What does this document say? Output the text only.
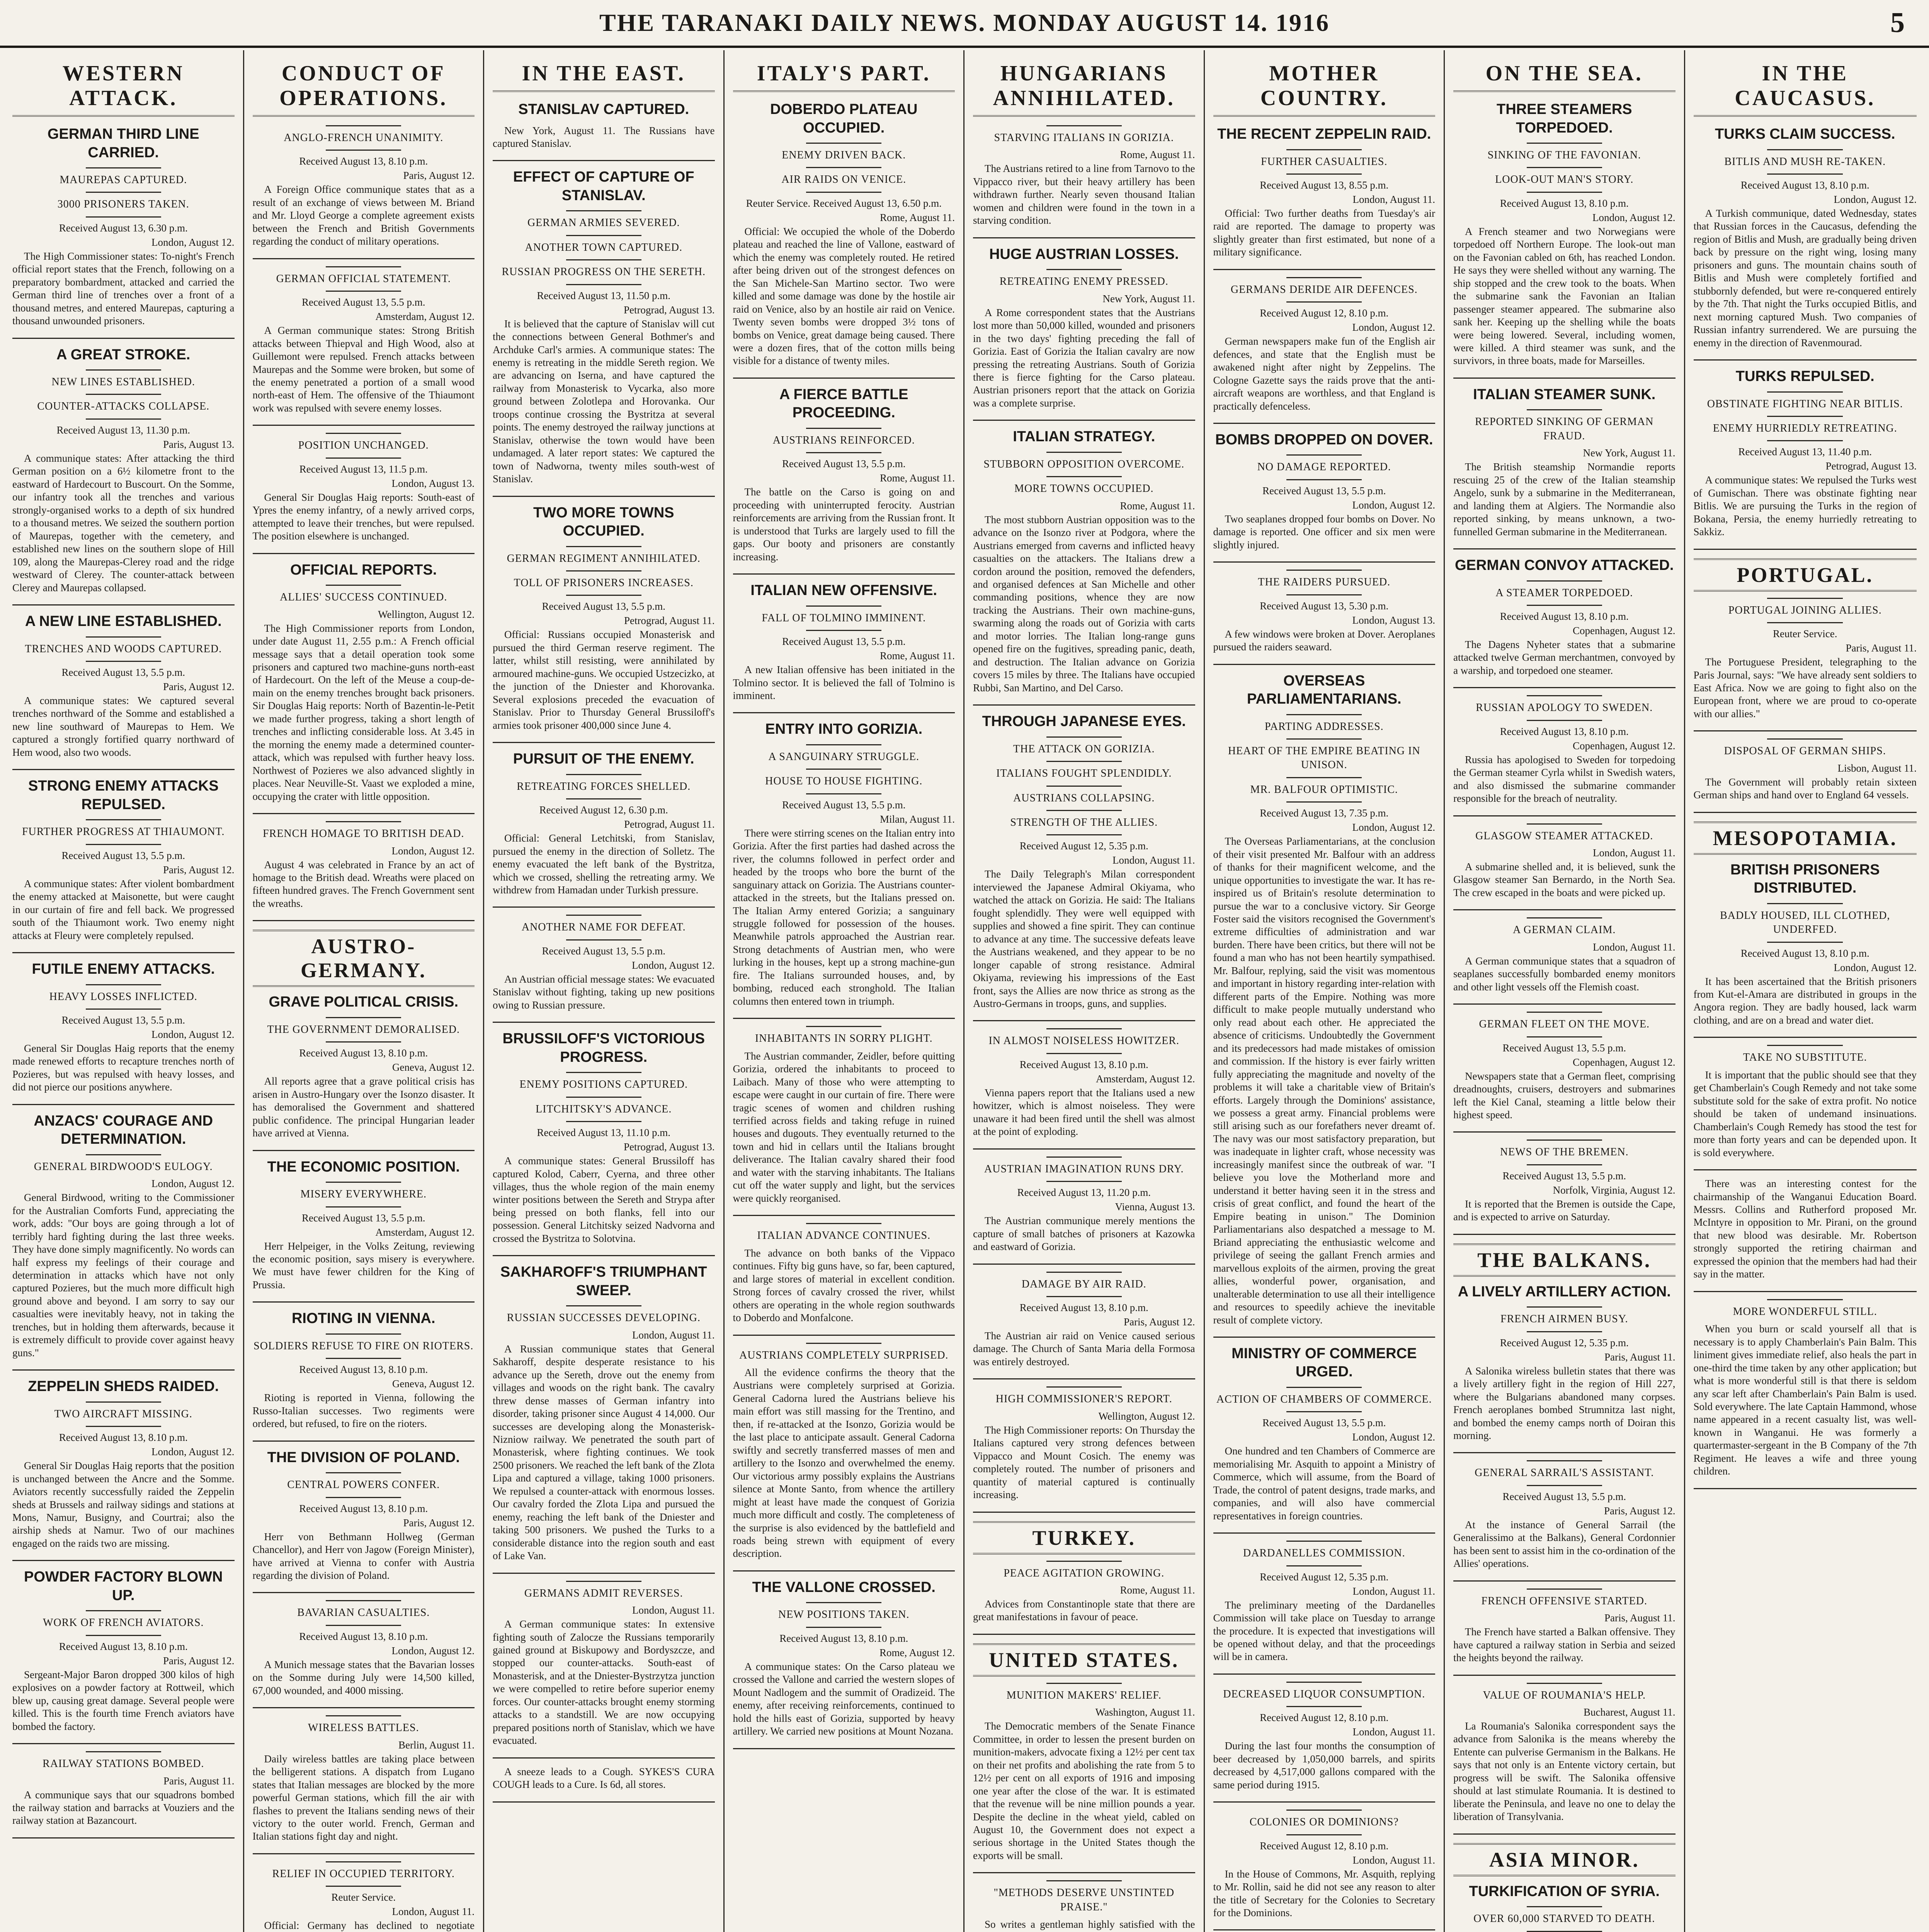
THE TARANAKI DAILY NEWS. MONDAY AUGUST 14. 1916	5
WESTERN ATTACK.
GERMAN THIRD LINE CARRIED.
MAUREPAS CAPTURED.
3000 PRISONERS TAKEN.
Received August 13, 6.30 p.m.
London, August 12.
The High Commissioner states: To-night's French official report states that the French, following on a preparatory bombardment, attacked and carried the German third line of trenches over a front of a thousand metres, and entered Maurepas, capturing a thousand unwounded prisoners.
A GREAT STROKE.
NEW LINES ESTABLISHED.
COUNTER-ATTACKS COLLAPSE.
Received August 13, 11.30 p.m.
Paris, August 13.
A communique states: After attacking the third German position on a 6½ kilometre front to the eastward of Hardecourt to Buscourt. On the Somme, our infantry took all the trenches and various strongly-organised works to a depth of six hundred to a thousand metres. We seized the southern portion of Maurepas, together with the cemetery, and established new lines on the southern slope of Hill 109, along the Maurepas-Clerey road and the ridge westward of Clerey. The counter-attack between Clerey and Maurepas collapsed.
A NEW LINE ESTABLISHED.
TRENCHES AND WOODS CAPTURED.
Received August 13, 5.5 p.m.
Paris, August 12.
A communique states: We captured several trenches northward of the Somme and established a new line southward of Maurepas to Hem. We captured a strongly fortified quarry northward of Hem wood, also two woods.
STRONG ENEMY ATTACKS REPULSED.
FURTHER PROGRESS AT THIAUMONT.
Received August 13, 5.5 p.m.
Paris, August 12.
A communique states: After violent bombardment the enemy attacked at Maisonette, but were caught in our curtain of fire and fell back. We progressed south of the Thiaumont work. Two enemy night attacks at Fleury were completely repulsed.
FUTILE ENEMY ATTACKS.
HEAVY LOSSES INFLICTED.
Received August 13, 5.5 p.m.
London, August 12.
General Sir Douglas Haig reports that the enemy made renewed efforts to recapture trenches north of Pozieres, but was repulsed with heavy losses, and did not pierce our positions anywhere.
ANZACS' COURAGE AND DETERMINATION.
GENERAL BIRDWOOD'S EULOGY.
London, August 12.
General Birdwood, writing to the Commissioner for the Australian Comforts Fund, appreciating the work, adds: "Our boys are going through a lot of terribly hard fighting during the last three weeks. They have done simply magnificently. No words can half express my feelings of their courage and determination in attacks which have not only captured Pozieres, but the much more difficult high ground above and beyond. I am sorry to say our casualties were inevitably heavy, not in taking the trenches, but in holding them afterwards, because it is extremely difficult to provide cover against heavy guns."
ZEPPELIN SHEDS RAIDED.
TWO AIRCRAFT MISSING.
Received August 13, 8.10 p.m.
London, August 12.
General Sir Douglas Haig reports that the position is unchanged between the Ancre and the Somme. Aviators recently successfully raided the Zeppelin sheds at Brussels and railway sidings and stations at Mons, Namur, Busigny, and Courtrai; also the airship sheds at Namur. Two of our machines engaged on the raids two are missing.
POWDER FACTORY BLOWN UP.
WORK OF FRENCH AVIATORS.
Received August 13, 8.10 p.m.
Paris, August 12.
Sergeant-Major Baron dropped 300 kilos of high explosives on a powder factory at Rottweil, which blew up, causing great damage. Several people were killed. This is the fourth time French aviators have bombed the factory.
RAILWAY STATIONS BOMBED.
Paris, August 11.
A communique says that our squadrons bombed the railway station and barracks at Vouziers and the railway station at Bazancourt.
CONDUCT OF OPERATIONS.
ANGLO-FRENCH UNANIMITY.
Received August 13, 8.10 p.m.
Paris, August 12.
A Foreign Office communique states that as a result of an exchange of views between M. Briand and Mr. Lloyd George a complete agreement exists between the French and British Governments regarding the conduct of military operations.
GERMAN OFFICIAL STATEMENT.
Received August 13, 5.5 p.m.
Amsterdam, August 12.
A German communique states: Strong British attacks between Thiepval and High Wood, also at Guillemont were repulsed. French attacks between Maurepas and the Somme were broken, but some of the enemy penetrated a portion of a small wood north-east of Hem. The offensive of the Thiaumont work was repulsed with severe enemy losses.
POSITION UNCHANGED.
Received August 13, 11.5 p.m.
London, August 13.
General Sir Douglas Haig reports: South-east of Ypres the enemy infantry, of a newly arrived corps, attempted to leave their trenches, but were repulsed. The position elsewhere is unchanged.
OFFICIAL REPORTS.
ALLIES' SUCCESS CONTINUED.
Wellington, August 12.
The High Commissioner reports from London, under date August 11, 2.55 p.m.: A French official message says that a detail operation took some prisoners and captured two machine-guns north-east of Hardecourt. On the left of the Meuse a coup-de-main on the enemy trenches brought back prisoners. Sir Douglas Haig reports: North of Bazentin-le-Petit we made further progress, taking a short length of trenches and inflicting considerable loss. At 3.45 in the morning the enemy made a determined counter-attack, which was repulsed with further heavy loss. Northwest of Pozieres we also advanced slightly in places. Near Neuville-St. Vaast we exploded a mine, occupying the crater with little opposition.
FRENCH HOMAGE TO BRITISH DEAD.
London, August 12.
August 4 was celebrated in France by an act of homage to the British dead. Wreaths were placed on fifteen hundred graves. The French Government sent the wreaths.
AUSTRO-GERMANY.
GRAVE POLITICAL CRISIS.
THE GOVERNMENT DEMORALISED.
Received August 13, 8.10 p.m.
Geneva, August 12.
All reports agree that a grave political crisis has arisen in Austro-Hungary over the Isonzo disaster. It has demoralised the Government and shattered public confidence. The principal Hungarian leader have arrived at Vienna.
THE ECONOMIC POSITION.
MISERY EVERYWHERE.
Received August 13, 5.5 p.m.
Amsterdam, August 12.
Herr Helpeiger, in the Volks Zeitung, reviewing the economic position, says misery is everywhere. We must have fewer children for the King of Prussia.
RIOTING IN VIENNA.
SOLDIERS REFUSE TO FIRE ON RIOTERS.
Received August 13, 8.10 p.m.
Geneva, August 12.
Rioting is reported in Vienna, following the Russo-Italian successes. Two regiments were ordered, but refused, to fire on the rioters.
THE DIVISION OF POLAND.
CENTRAL POWERS CONFER.
Received August 13, 8.10 p.m.
Paris, August 12.
Herr von Bethmann Hollweg (German Chancellor), and Herr von Jagow (Foreign Minister), have arrived at Vienna to confer with Austria regarding the division of Poland.
BAVARIAN CASUALTIES.
Received August 13, 8.10 p.m.
London, August 12.
A Munich message states that the Bavarian losses on the Somme during July were 14,500 killed, 67,000 wounded, and 4000 missing.
WIRELESS BATTLES.
Berlin, August 11.
Daily wireless battles are taking place between the belligerent stations. A dispatch from Lugano states that Italian messages are blocked by the more powerful German stations, which fill the air with flashes to prevent the Italians sending news of their victory to the outer world. French, German and Italian stations fight day and night.
RELIEF IN OCCUPIED TERRITORY.
Reuter Service.
London, August 11.
Official: Germany has declined to negotiate
IN THE EAST.
STANISLAV CAPTURED.
New York, August 11. The Russians have captured Stanislav.
EFFECT OF CAPTURE OF STANISLAV.
GERMAN ARMIES SEVERED.
ANOTHER TOWN CAPTURED.
RUSSIAN PROGRESS ON THE SERETH.
Received August 13, 11.50 p.m.
Petrograd, August 13.
It is believed that the capture of Stanislav will cut the connections between General Bothmer's and Archduke Carl's armies. A communique states: The enemy is retreating in the middle Sereth region. We are advancing on Iserna, and have captured the railway from Monasterisk to Vycarka, also more ground between Zolotlepa and Horovanka. Our troops continue crossing the Bystritza at several points. The enemy destroyed the railway junctions at Stanislav, otherwise the town would have been undamaged. A later report states: We captured the town of Nadworna, twenty miles south-west of Stanislav.
TWO MORE TOWNS OCCUPIED.
GERMAN REGIMENT ANNIHILATED.
TOLL OF PRISONERS INCREASES.
Received August 13, 5.5 p.m.
Petrograd, August 11.
Official: Russians occupied Monasterisk and pursued the third German reserve regiment. The latter, whilst still resisting, were annihilated by armoured machine-guns. We occupied Ustzecizko, at the junction of the Dniester and Khorovanka. Several explosions preceded the evacuation of Stanislav. Prior to Thursday General Brussiloff's armies took prisoner 400,000 since June 4.
PURSUIT OF THE ENEMY.
RETREATING FORCES SHELLED.
Received August 12, 6.30 p.m.
Petrograd, August 11.
Official: General Letchitski, from Stanislav, pursued the enemy in the direction of Solletz. The enemy evacuated the left bank of the Bystritza, which we crossed, shelling the retreating army. We withdrew from Hamadan under Turkish pressure.
ANOTHER NAME FOR DEFEAT.
Received August 13, 5.5 p.m.
London, August 12.
An Austrian official message states: We evacuated Stanislav without fighting, taking up new positions owing to Russian pressure.
BRUSSILOFF'S VICTORIOUS PROGRESS.
ENEMY POSITIONS CAPTURED.
LITCHITSKY'S ADVANCE.
Received August 13, 11.10 p.m.
Petrograd, August 13.
A communique states: General Brussiloff has captured Kolod, Caberr, Cyerna, and three other villages, thus the whole region of the main enemy winter positions between the Sereth and Strypa after being pressed on both flanks, fell into our possession. General Litchitsky seized Nadvorna and crossed the Bystritza to Solotvina.
SAKHAROFF'S TRIUMPHANT SWEEP.
RUSSIAN SUCCESSES DEVELOPING.
London, August 11.
A Russian communique states that General Sakharoff, despite desperate resistance to his advance up the Sereth, drove out the enemy from villages and woods on the right bank. The cavalry threw dense masses of German infantry into disorder, taking prisoner since August 4 14,000. Our successes are developing along the Monasterisk-Nizniow railway. We penetrated the south part of Monasterisk, where fighting continues. We took 2500 prisoners. We reached the left bank of the Zlota Lipa and captured a village, taking 1000 prisoners. We repulsed a counter-attack with enormous losses. Our cavalry forded the Zlota Lipa and pursued the enemy, reaching the left bank of the Dniester and taking 500 prisoners. We pushed the Turks to a considerable distance into the region south and east of Lake Van.
GERMANS ADMIT REVERSES.
London, August 11.
A German communique states: In extensive fighting south of Zalocze the Russians temporarily gained ground at Biskupowy and Bordyszcze, and stopped our counter-attacks. South-east of Monasterisk, and at the Dniester-Bystrzytza junction we were compelled to retire before superior enemy forces. Our counter-attacks brought enemy storming attacks to a standstill. We are now occupying prepared positions north of Stanislav, which we have evacuated.
A sneeze leads to a Cough. SYKES'S CURA COUGH leads to a Cure. Is 6d, all stores.
ITALY'S PART.
DOBERDO PLATEAU OCCUPIED.
ENEMY DRIVEN BACK.
AIR RAIDS ON VENICE.
Reuter Service. Received August 13, 6.50 p.m.
Rome, August 11.
Official: We occupied the whole of the Doberdo plateau and reached the line of Vallone, eastward of which the enemy was completely routed. He retired after being driven out of the strongest defences on the San Michele-San Martino sector. Two were killed and some damage was done by the hostile air raid on Venice, also by an hostile air raid on Venice. Twenty seven bombs were dropped 3½ tons of bombs on Venice, great damage being caused. There were a dozen fires, that of the cotton mills being visible for a distance of twenty miles.
A FIERCE BATTLE PROCEEDING.
AUSTRIANS REINFORCED.
Received August 13, 5.5 p.m.
Rome, August 11.
The battle on the Carso is going on and proceeding with uninterrupted ferocity. Austrian reinforcements are arriving from the Russian front. It is understood that Turks are largely used to fill the gaps. Our booty and prisoners are constantly increasing.
ITALIAN NEW OFFENSIVE.
FALL OF TOLMINO IMMINENT.
Received August 13, 5.5 p.m.
Rome, August 11.
A new Italian offensive has been initiated in the Tolmino sector. It is believed the fall of Tolmino is imminent.
ENTRY INTO GORIZIA.
A SANGUINARY STRUGGLE.
HOUSE TO HOUSE FIGHTING.
Received August 13, 5.5 p.m.
Milan, August 11.
There were stirring scenes on the Italian entry into Gorizia. After the first parties had dashed across the river, the columns followed in perfect order and headed by the troops who bore the burnt of the sanguinary attack on Gorizia. The Austrians counter-attacked in the streets, but the Italians pressed on. The Italian Army entered Gorizia; a sanguinary struggle followed for possession of the houses. Meanwhile patrols approached the Austrian rear. Strong detachments of Austrian men, who were lurking in the houses, kept up a strong machine-gun fire. The Italians surrounded houses, and, by bombing, reduced each stronghold. The Italian columns then entered town in triumph.
INHABITANTS IN SORRY PLIGHT.
The Austrian commander, Zeidler, before quitting Gorizia, ordered the inhabitants to proceed to Laibach. Many of those who were attempting to escape were caught in our curtain of fire. There were tragic scenes of women and children rushing terrified across fields and taking refuge in ruined houses and dugouts. They eventually returned to the town and hid in cellars until the Italians brought deliverance. The Italian cavalry shared their food and water with the starving inhabitants. The Italians cut off the water supply and light, but the services were quickly reorganised.
ITALIAN ADVANCE CONTINUES.
The advance on both banks of the Vippaco continues. Fifty big guns have, so far, been captured, and large stores of material in excellent condition. Strong forces of cavalry crossed the river, whilst others are operating in the whole region southwards to Doberdo and Monfalcone.
AUSTRIANS COMPLETELY SURPRISED.
All the evidence confirms the theory that the Austrians were completely surprised at Gorizia. General Cadorna lured the Austrians believe his main effort was still massing for the Trentino, and then, if re-attacked at the Isonzo, Gorizia would be the last place to anticipate assault. General Cadorna swiftly and secretly transferred masses of men and artillery to the Isonzo and overwhelmed the enemy. Our victorious army possibly explains the Austrians silence at Monte Santo, from whence the artillery might at least have made the conquest of Gorizia much more difficult and costly. The completeness of the surprise is also evidenced by the battlefield and roads being strewn with equipment of every description.
THE VALLONE CROSSED.
NEW POSITIONS TAKEN.
Received August 13, 8.10 p.m.
Rome, August 12.
A communique states: On the Carso plateau we crossed the Vallone and carried the western slopes of Mount Nadlogem and the summit of Oradizeid. The enemy, after receiving reinforcements, continued to hold the hills east of Gorizia, supported by heavy artillery. We carried new positions at Mount Nozana.
HUNGARIANS ANNIHILATED.
STARVING ITALIANS IN GORIZIA.
Rome, August 11.
The Austrians retired to a line from Tarnovo to the Vippacco river, but their heavy artillery has been withdrawn further. Nearly seven thousand Italian women and children were found in the town in a starving condition.
HUGE AUSTRIAN LOSSES.
RETREATING ENEMY PRESSED.
New York, August 11.
A Rome correspondent states that the Austrians lost more than 50,000 killed, wounded and prisoners in the two days' fighting preceding the fall of Gorizia. East of Gorizia the Italian cavalry are now pressing the retreating Austrians. South of Gorizia there is fierce fighting for the Carso plateau. Austrian prisoners report that the attack on Gorizia was a complete surprise.
ITALIAN STRATEGY.
STUBBORN OPPOSITION OVERCOME.
MORE TOWNS OCCUPIED.
Rome, August 11.
The most stubborn Austrian opposition was to the advance on the Isonzo river at Podgora, where the Austrians emerged from caverns and inflicted heavy casualties on the attackers. The Italians drew a cordon around the position, removed the defenders, and organised defences at San Michelle and other commanding positions, whence they are now tracking the Austrians. Their own machine-guns, swarming along the roads out of Gorizia with carts and motor lorries. The Italian long-range guns opened fire on the fugitives, spreading panic, death, and destruction. The Italian advance on Gorizia covers 15 miles by three. The Italians have occupied Rubbi, San Martino, and Del Carso.
THROUGH JAPANESE EYES.
THE ATTACK ON GORIZIA.
ITALIANS FOUGHT SPLENDIDLY.
AUSTRIANS COLLAPSING.
STRENGTH OF THE ALLIES.
Received August 12, 5.35 p.m.
London, August 11.
The Daily Telegraph's Milan correspondent interviewed the Japanese Admiral Okiyama, who watched the attack on Gorizia. He said: The Italians fought splendidly. They were well equipped with supplies and showed a fine spirit. They can continue to advance at any time. The successive defeats leave the Austrians weakened, and they appear to be no longer capable of strong resistance. Admiral Okiyama, reviewing his impressions of the East front, says the Allies are now thrice as strong as the Austro-Germans in troops, guns, and supplies.
IN ALMOST NOISELESS HOWITZER.
Received August 13, 8.10 p.m.
Amsterdam, August 12.
Vienna papers report that the Italians used a new howitzer, which is almost noiseless. They were unaware it had been fired until the shell was almost at the point of exploding.
AUSTRIAN IMAGINATION RUNS DRY.
Received August 13, 11.20 p.m.
Vienna, August 13.
The Austrian communique merely mentions the capture of small batches of prisoners at Kazowka and eastward of Gorizia.
DAMAGE BY AIR RAID.
Received August 13, 8.10 p.m.
Paris, August 12.
The Austrian air raid on Venice caused serious damage. The Church of Santa Maria della Formosa was entirely destroyed.
HIGH COMMISSIONER'S REPORT.
Wellington, August 12.
The High Commissioner reports: On Thursday the Italians captured very strong defences between Vippacco and Mount Cosich. The enemy was completely routed. The number of prisoners and quantity of material captured is continually increasing.
TURKEY.
PEACE AGITATION GROWING.
Rome, August 11.
Advices from Constantinople state that there are great manifestations in favour of peace.
UNITED STATES.
MUNITION MAKERS' RELIEF.
Washington, August 11.
The Democratic members of the Senate Finance Committee, in order to lessen the present burden on munition-makers, advocate fixing a 12½ per cent tax on their net profits and abolishing the rate from 5 to 12½ per cent on all exports of 1916 and imposing one year after the close of the war. It is estimated that the revenue will be nine million pounds a year. Despite the decline in the wheat yield, cabled on August 10, the Government does not expect a serious shortage in the United States though the exports will be small.
"METHODS DESERVE UNSTINTED PRAISE."
So writes a gentleman highly satisfied with the
MOTHER COUNTRY.
THE RECENT ZEPPELIN RAID.
FURTHER CASUALTIES.
Received August 13, 8.55 p.m.
London, August 11.
Official: Two further deaths from Tuesday's air raid are reported. The damage to property was slightly greater than first estimated, but none of a military significance.
GERMANS DERIDE AIR DEFENCES.
Received August 12, 8.10 p.m.
London, August 12.
German newspapers make fun of the English air defences, and state that the English must be awakened night after night by Zeppelins. The Cologne Gazette says the raids prove that the anti-aircraft weapons are worthless, and that England is practically defenceless.
BOMBS DROPPED ON DOVER.
NO DAMAGE REPORTED.
Received August 13, 5.5 p.m.
London, August 12.
Two seaplanes dropped four bombs on Dover. No damage is reported. One officer and six men were slightly injured.
THE RAIDERS PURSUED.
Received August 13, 5.30 p.m.
London, August 13.
A few windows were broken at Dover. Aeroplanes pursued the raiders seaward.
OVERSEAS PARLIAMENTARIANS.
PARTING ADDRESSES.
HEART OF THE EMPIRE BEATING IN UNISON.
MR. BALFOUR OPTIMISTIC.
Received August 13, 7.35 p.m.
London, August 12.
The Overseas Parliamentarians, at the conclusion of their visit presented Mr. Balfour with an address of thanks for their magnificent welcome, and the unique opportunities to investigate the war. It has re-inspired us of Britain's resolute determination to pursue the war to a conclusive victory. Sir George Foster said the visitors recognised the Government's extreme difficulties of administration and war burden. There have been critics, but there will not be found a man who has not been heartily sympathised. Mr. Balfour, replying, said the visit was momentous and important in history regarding inter-relation with different parts of the Empire. Nothing was more difficult to make people mutually understand who only read about each other. He appreciated the absence of criticisms. Undoubtedly the Government and its predecessors had made mistakes of omission and commission. If the history is ever fairly written fully appreciating the magnitude and novelty of the problems it will take a charitable view of Britain's efforts. Largely through the Dominions' assistance, we possess a great army. Financial problems were still arising such as our forefathers never dreamt of. The navy was our most satisfactory preparation, but was inadequate in lighter craft, whose necessity was increasingly manifest since the outbreak of war. "I believe you love the Motherland more and understand it better having seen it in the stress and crisis of great conflict, and found the heart of the Empire beating in unison." The Dominion Parliamentarians also despatched a message to M. Briand appreciating the enthusiastic welcome and privilege of seeing the gallant French armies and marvellous exploits of the airmen, proving the great allies, wonderful power, organisation, and unalterable determination to use all their intelligence and resources to speedily achieve the inevitable result of complete victory.
MINISTRY OF COMMERCE URGED.
ACTION OF CHAMBERS OF COMMERCE.
Received August 13, 5.5 p.m.
London, August 12.
One hundred and ten Chambers of Commerce are memorialising Mr. Asquith to appoint a Ministry of Commerce, which will assume, from the Board of Trade, the control of patent designs, trade marks, and companies, and will also have commercial representatives in foreign countries.
DARDANELLES COMMISSION.
Received August 12, 5.35 p.m.
London, August 11.
The preliminary meeting of the Dardanelles Commission will take place on Tuesday to arrange the procedure. It is expected that investigations will be opened without delay, and that the proceedings will be in camera.
DECREASED LIQUOR CONSUMPTION.
Received August 12, 8.10 p.m.
London, August 11.
During the last four months the consumption of beer decreased by 1,050,000 barrels, and spirits decreased by 4,517,000 gallons compared with the same period during 1915.
COLONIES OR DOMINIONS?
Received August 12, 8.10 p.m.
London, August 11.
In the House of Commons, Mr. Asquith, replying to Mr. Rollin, said he did not see any reason to alter the title of Secretary for the Colonies to Secretary for the Dominions.
ON THE SEA.
THREE STEAMERS TORPEDOED.
SINKING OF THE FAVONIAN.
LOOK-OUT MAN'S STORY.
Received August 13, 8.10 p.m.
London, August 12.
A French steamer and two Norwegians were torpedoed off Northern Europe. The look-out man on the Favonian cabled on 6th, has reached London. He says they were shelled without any warning. The ship stopped and the crew took to the boats. When the submarine sank the Favonian an Italian passenger steamer appeared. The submarine also sank her. Keeping up the shelling while the boats were being lowered. Several, including women, were killed. A third steamer was sunk, and the survivors, in three boats, made for Marseilles.
ITALIAN STEAMER SUNK.
REPORTED SINKING OF GERMAN FRAUD.
New York, August 11.
The British steamship Normandie reports rescuing 25 of the crew of the Italian steamship Angelo, sunk by a submarine in the Mediterranean, and landing them at Algiers. The Normandie also reported sinking, by means unknown, a two-funnelled German submarine in the Mediterranean.
GERMAN CONVOY ATTACKED.
A STEAMER TORPEDOED.
Received August 13, 8.10 p.m.
Copenhagen, August 12.
The Dagens Nyheter states that a submarine attacked twelve German merchantmen, convoyed by a warship, and torpedoed one steamer.
RUSSIAN APOLOGY TO SWEDEN.
Received August 13, 8.10 p.m.
Copenhagen, August 12.
Russia has apologised to Sweden for torpedoing the German steamer Cyrla whilst in Swedish waters, and also dismissed the submarine commander responsible for the breach of neutrality.
GLASGOW STEAMER ATTACKED.
London, August 11.
A submarine shelled and, it is believed, sunk the Glasgow steamer San Bernardo, in the North Sea. The crew escaped in the boats and were picked up.
A GERMAN CLAIM.
London, August 11.
A German communique states that a squadron of seaplanes successfully bombarded enemy monitors and other light vessels off the Flemish coast.
GERMAN FLEET ON THE MOVE.
Received August 13, 5.5 p.m.
Copenhagen, August 12.
Newspapers state that a German fleet, comprising dreadnoughts, cruisers, destroyers and submarines left the Kiel Canal, steaming a little below their highest speed.
NEWS OF THE BREMEN.
Received August 13, 5.5 p.m.
Norfolk, Virginia, August 12.
It is reported that the Bremen is outside the Cape, and is expected to arrive on Saturday.
THE BALKANS.
A LIVELY ARTILLERY ACTION.
FRENCH AIRMEN BUSY.
Received August 12, 5.35 p.m.
Paris, August 11.
A Salonika wireless bulletin states that there was a lively artillery fight in the region of Hill 227, where the Bulgarians abandoned many corpses. French aeroplanes bombed Strumnitza last night, and bombed the enemy camps north of Doiran this morning.
GENERAL SARRAIL'S ASSISTANT.
Received August 13, 5.5 p.m.
Paris, August 12.
At the instance of General Sarrail (the Generalissimo at the Balkans), General Cordonnier has been sent to assist him in the co-ordination of the Allies' operations.
FRENCH OFFENSIVE STARTED.
Paris, August 11.
The French have started a Balkan offensive. They have captured a railway station in Serbia and seized the heights beyond the railway.
VALUE OF ROUMANIA'S HELP.
Bucharest, August 11.
La Roumania's Salonika correspondent says the advance from Salonika is the means whereby the Entente can pulverise Germanism in the Balkans. He says that not only is an Entente victory certain, but progress will be swift. The Salonika offensive should at last stimulate Roumania. It is destined to liberate the Peninsula, and leave no one to delay the liberation of Transylvania.
ASIA MINOR.
TURKIFICATION OF SYRIA.
OVER 60,000 STARVED TO DEATH.
IN THE CAUCASUS.
TURKS CLAIM SUCCESS.
BITLIS AND MUSH RE-TAKEN.
Received August 13, 8.10 p.m.
London, August 12.
A Turkish communique, dated Wednesday, states that Russian forces in the Caucasus, defending the region of Bitlis and Mush, are gradually being driven back by pressure on the right wing, losing many prisoners and guns. The mountain chains south of Bitlis and Mush were completely fortified and stubbornly defended, but were re-conquered entirely by the 7th. That night the Turks occupied Bitlis, and next morning captured Mush. Two companies of Russian infantry surrendered. We are pursuing the enemy in the direction of Ravenmourad.
TURKS REPULSED.
OBSTINATE FIGHTING NEAR BITLIS.
ENEMY HURRIEDLY RETREATING.
Received August 13, 11.40 p.m.
Petrograd, August 13.
A communique states: We repulsed the Turks west of Gumischan. There was obstinate fighting near Bitlis. We are pursuing the Turks in the region of Bokana, Persia, the enemy hurriedly retreating to Sakkiz.
PORTUGAL.
PORTUGAL JOINING ALLIES.
Reuter Service.
Paris, August 11.
The Portuguese President, telegraphing to the Paris Journal, says: "We have already sent soldiers to East Africa. Now we are going to fight also on the European front, where we are proud to co-operate with our allies."
DISPOSAL OF GERMAN SHIPS.
Lisbon, August 11.
The Government will probably retain sixteen German ships and hand over to England 64 vessels.
MESOPOTAMIA.
BRITISH PRISONERS DISTRIBUTED.
BADLY HOUSED, ILL CLOTHED, UNDERFED.
Received August 13, 8.10 p.m.
London, August 12.
It has been ascertained that the British prisoners from Kut-el-Amara are distributed in groups in the Angora region. They are badly housed, lack warm clothing, and are on a bread and water diet.
TAKE NO SUBSTITUTE.
It is important that the public should see that they get Chamberlain's Cough Remedy and not take some substitute sold for the sake of extra profit. No notice should be taken of undemand insinuations. Chamberlain's Cough Remedy has stood the test for more than forty years and can be depended upon. It is sold everywhere.
There was an interesting contest for the chairmanship of the Wanganui Education Board. Messrs. Collins and Rutherford proposed Mr. McIntyre in opposition to Mr. Pirani, on the ground that new blood was desirable. Mr. Robertson strongly supported the retiring chairman and expressed the opinion that the members had had their say in the matter.
MORE WONDERFUL STILL.
When you burn or scald yourself all that is necessary is to apply Chamberlain's Pain Balm. This liniment gives immediate relief, also heals the part in one-third the time taken by any other application; but what is more wonderful still is that there is seldom any scar left after Chamberlain's Pain Balm is used. Sold everywhere. The late Captain Hammond, whose name appeared in a recent casualty list, was well-known in Wanganui. He was formerly a quartermaster-sergeant in the B Company of the 7th Regiment. He leaves a wife and three young children.
